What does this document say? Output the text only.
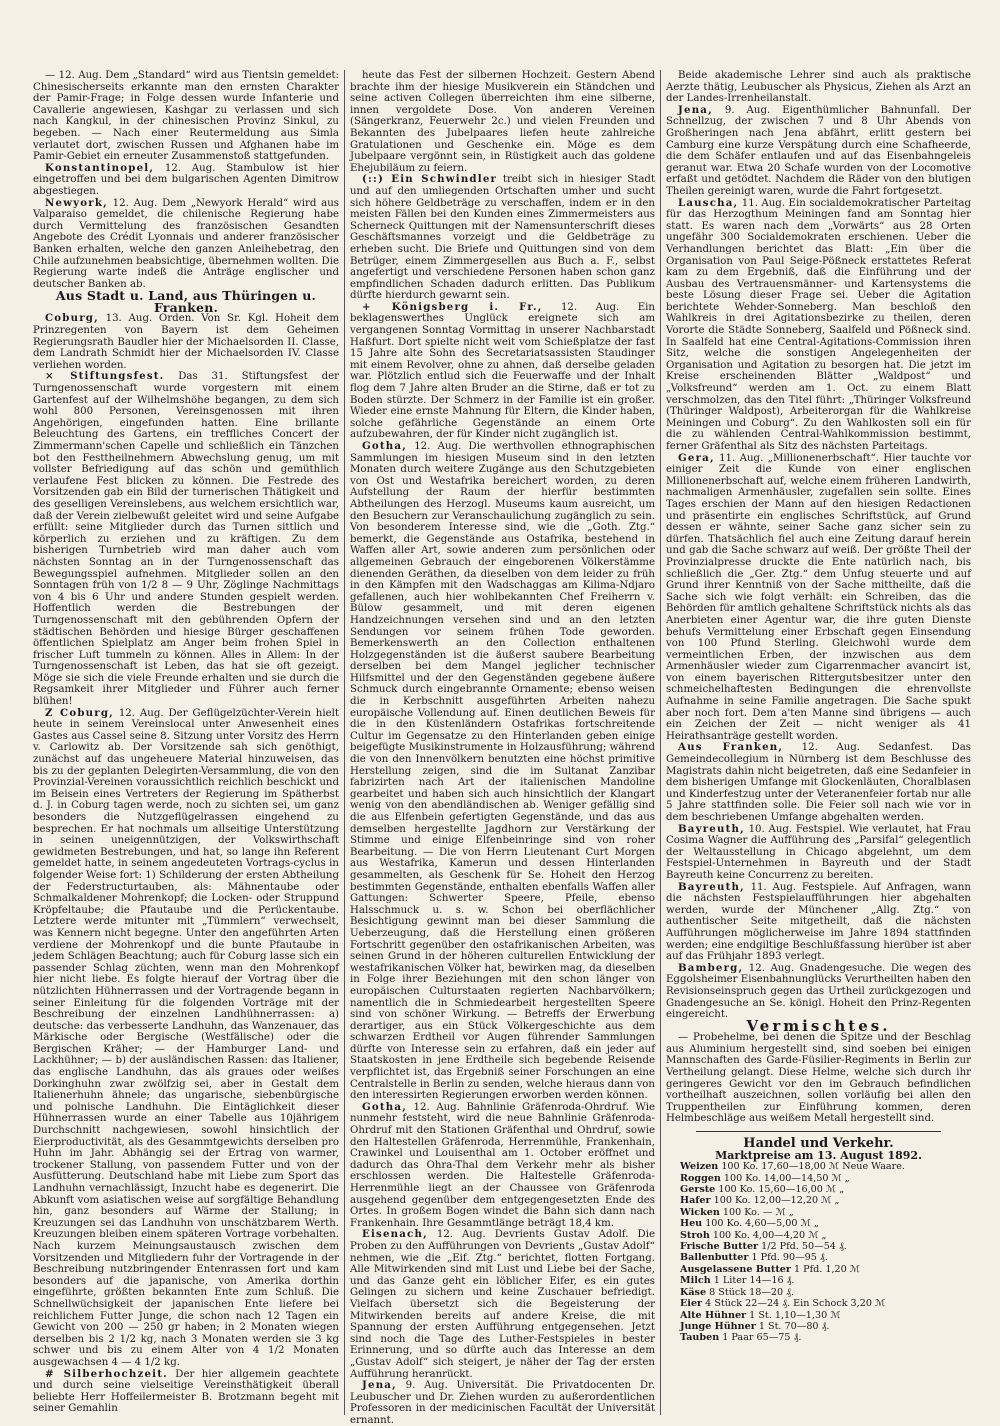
— 12. Aug. Dem „Standard“ wird aus Tientsin gemeldet: Chinesischerseits erkannte man den ernsten Charakter der Pamir-Frage; in Folge dessen wurde Infanterie und Cavallerie angewiesen, Kashgar zu verlassen und sich nach Kangkul, in der chinesischen Provinz Sinkul, zu begeben. — Nach einer Reutermeldung aus Simla verlautet dort, zwischen Russen und Afghanen habe im Pamir-Gebiet ein erneuter Zusammenstoß stattgefunden.

Konstantinopel, 12. Aug. Stambulow ist hier eingetroffen und bei dem bulgarischen Agenten Dimitrow abgestiegen.

Newyork, 12. Aug. Dem „Newyork Herald“ wird aus Valparaiso gemeldet, die chilenische Regierung habe durch Vermittelung des französischen Gesandten Angebote des Crédit Lyonnais und anderer französischer Banken erhalten, welche den ganzen Anleihebetrag, den Chile aufzunehmen beabsichtige, übernehmen wollten. Die Regierung warte indeß die Anträge englischer und deutscher Banken ab.

Aus Stadt u. Land, aus Thüringen u. Franken.

Coburg, 13. Aug. Orden. Von Sr. Kgl. Hoheit dem Prinzregenten von Bayern ist dem Geheimen Regierungsrath Baudler hier der Michaelsorden II. Classe, dem Landrath Schmidt hier der Michaelsorden IV. Classe verliehen worden.

× Stiftungsfest. Das 31. Stiftungsfest der Turngenossenschaft wurde vorgestern mit einem Gartenfest auf der Wilhelmshöhe begangen, zu dem sich wohl 800 Personen, Vereinsgenossen mit ihren Angehörigen, eingefunden hatten. Eine brillante Beleuchtung des Gartens, ein treffliches Concert der Zimmermann'schen Capelle und schließlich ein Tänzchen bot den Festtheilnehmern Abwechslung genug, um mit vollster Befriedigung auf das schön und gemüthlich verlaufene Fest blicken zu können. Die Festrede des Vorsitzenden gab ein Bild der turnerischen Thätigkeit und des geselligen Vereinslebens, aus welchem ersichtlich war, daß der Verein zielbewußt geleitet wird und seine Aufgabe erfüllt: seine Mitglieder durch das Turnen sittlich und körperlich zu erziehen und zu kräftigen. Zu dem bisherigen Turnbetrieb wird man daher auch vom nächsten Sonntag an in der Turngenossenschaft das Bewegungsspiel aufnehmen. Mitglieder sollen an den Sonntagen früh von 1/2 8 — 9 Uhr, Zöglinge Nachmittags von 4 bis 6 Uhr und andere Stunden gespielt werden. Hoffentlich werden die Bestrebungen der Turngenossenschaft mit den gebührenden Opfern der städtischen Behörden und hiesige Bürger geschaffenen öffentlichen Spielplatz am Anger beim frohen Spiel in frischer Luft tummeln zu können. Alles in Allem: In der Turngenossenschaft ist Leben, das hat sie oft gezeigt. Möge sie sich die viele Freunde erhalten und sie durch die Regsamkeit ihrer Mitglieder und Führer auch ferner blühen!

Z Coburg, 12. Aug. Der Geflügelzüchter-Verein hielt heute in seinem Vereinslocal unter Anwesenheit eines Gastes aus Cassel seine 8. Sitzung unter Vorsitz des Herrn v. Carlowitz ab. Der Vorsitzende sah sich genöthigt, zunächst auf das ungeheuere Material hinzuweisen, das bis zu der geplanten Delegirten-Versammlung, die von den Provinzial-Vereinen voraussichtlich reichlich beschickt und im Beisein eines Vertreters der Regierung im Spätherbst d. J. in Coburg tagen werde, noch zu sichten sei, um ganz besonders die Nutzgeflügelrassen eingehend zu besprechen. Er hat nochmals um allseitige Unterstützung in seinen uneigennützigen, der Volkswirthschaft gewidmeten Bestrebungen, und hat, so lange ihn Referent gemeldet hatte, in seinem angedeuteten Vortrags-cyclus in folgender Weise fort: 1) Schilderung der ersten Abtheilung der Federstructurtauben, als: Mähnentaube oder Schmalkaldener Mohrenkopf; die Locken- oder Struppund Kröpfeltaube; die Pfautaube und die Perückentaube. Letztere werde mitunter mit „Tümmlern“ verwechselt, was Kennern nicht begegne. Unter den angeführten Arten verdiene der Mohrenkopf und die bunte Pfautaube in jedem Schlägen Beachtung; auch für Coburg lasse sich ein passender Schlag züchten, wenn man den Mohrenkopf hier nicht liebe. Es folgte hierauf der Vortrag über die nützlichten Hühnerrassen und der Vortragende begann in seiner Einleitung für die folgenden Vorträge mit der Beschreibung der einzelnen Landhühnerrassen: a) deutsche: das verbesserte Landhuhn, das Wanzenauer, das Märkische oder Bergische (Westfälische) oder die Bergischen Kräher; — der Hamburger Land- und Lackhühner; — b) der ausländischen Rassen: das Italiener, das englische Landhuhn, das als graues oder weißes Dorkinghuhn zwar zwölfzig sei, aber in Gestalt dem Italienerhuhn ähnele; das ungarische, siebenbürgische und polnische Landhuhn. Die Eintäglichkeit dieser Hühnerrassen wurde an einer Tabelle aus 10jährigem Durchschnitt nachgewiesen, sowohl hinsichtlich der Eierproductivität, als des Gesammtgewichts derselben pro Huhn im Jahr. Abhängig sei der Ertrag von warmer, trockener Stallung, von passendem Futter und von der Ausfütterung. Deutschland habe mit Liebe zum Sport das Landhuhn vernachlässigt, Inzucht habe es degenerirt. Die Abkunft vom asiatischen weise auf sorgfältige Behandlung hin, ganz besonders auf Wärme der Stallung; in Kreuzungen sei das Landhuhn von unschätzbarem Werth. Kreuzungen bleiben einem späteren Vortrage vorbehalten. Nach kurzem Meinungsaustausch zwischen dem Vorsitzenden und Mitgliedern fuhr der Vortragende in der Beschreibung nutzbringender Entenrassen fort und kam besonders auf die japanische, von Amerika dorthin eingeführte, größten bekannten Ente zum Schluß. Die Schnellwüchsigkeit der japanischen Ente liefere bei reichlichem Futter Junge, die schon nach 12 Tagen ein Gewicht von 200 — 250 gr haben; in 2 Monaten wiegen derselben bis 2 1/2 kg, nach 3 Monaten werden sie 3 kg schwer und bis zu einem Alter von 4 1/2 Monaten ausgewachsen 4 — 4 1/2 kg.

# Silberhochzeit. Der hier allgemein geachtete und durch seine vielseitige Vereinsthätigkeit überall beliebte Herr Hoffeilermeister B. Brotzmann begeht mit seiner Gemahlin

heute das Fest der silbernen Hochzeit. Gestern Abend brachte ihm der hiesige Musikverein ein Ständchen und seine activen Collegen überreichten ihm eine silberne, innen vergoldete Dose. Von anderen Vereinen (Sängerkranz, Feuerwehr 2c.) und vielen Freunden und Bekannten des Jubelpaares liefen heute zahlreiche Gratulationen und Geschenke ein. Möge es dem Jubelpaare vergönnt sein, in Rüstigkeit auch das goldene Ehejubiläum zu feiern.

(::) Ein Schwindler treibt sich in hiesiger Stadt und auf den umliegenden Ortschaften umher und sucht sich höhere Geldbeträge zu verschaffen, indem er in den meisten Fällen bei den Kunden eines Zimmermeisters aus Scherneck Quittungen mit der Namensunterschrift dieses Geschäftsmannes vorzeigt und die Geldbeträge zu erheben sucht. Die Briefe und Quittungen sind von dem Betrüger, einem Zimmergesellen aus Buch a. F., selbst angefertigt und verschiedene Personen haben schon ganz empfindlichen Schaden dadurch erlitten. Das Publikum dürfte hierdurch gewarnt sein.

+ Königsberg i. Fr., 12. Aug. Ein beklagenswerthes Unglück ereignete sich am vergangenen Sonntag Vormittag in unserer Nachbarstadt Haßfurt. Dort spielte nicht weit vom Schießplatze der fast 15 Jahre alte Sohn des Secretariatsassisten Staudinger mit einem Revolver, ohne zu ahnen, daß derselbe geladen war. Plötzlich entlud sich die Feuerwaffe und der Inhalt flog dem 7 Jahre alten Bruder an die Stirne, daß er tot zu Boden stürzte. Der Schmerz in der Familie ist ein großer. Wieder eine ernste Mahnung für Eltern, die Kinder haben, solche gefährliche Gegenstände an einem Orte aufzubewahren, der für Kinder nicht zugänglich ist.

Gotha, 12. Aug. Die werthvollen ethnographischen Sammlungen im hiesigen Museum sind in den letzten Monaten durch weitere Zugänge aus den Schutzgebieten von Ost und Westafrika bereichert worden, zu deren Aufstellung der Raum der hierfür bestimmten Abtheilungen des Herzogl. Museums kaum ausreicht, um den Besuchern zur Veranschaulichung zugänglich zu sein. Von besonderem Interesse sind, wie die „Goth. Ztg.“ bemerkt, die Gegenstände aus Ostafrika, bestehend in Waffen aller Art, sowie anderen zum persönlichen oder allgemeinen Gebrauch der eingeborenen Völkerstämme dienenden Geräthen, da dieselben von dem leider zu früh in den Kämpfen mit den Wadschaggas am Kilima-Ndjaro gefallenen, auch hier wohlbekannten Chef Freiherrn v. Bülow gesammelt, und mit deren eigenen Handzeichnungen versehen sind und an den letzten Sendungen vor seinem frühen Tode geworden. Bemerkenswerth an den Collection enthaltenen Holzgegenständen ist die äußerst saubere Bearbeitung derselben bei dem Mangel jeglicher technischer Hilfsmittel und der den Gegenständen gegebene äußere Schmuck durch eingebrannte Ornamente; ebenso weisen die in Kerbschnitt ausgeführten Arbeiten nahezu europäische Vollendung auf. Einen deutlichen Beweis für die in den Küstenländern Ostafrikas fortschreitende Cultur im Gegensatze zu den Hinterlanden geben einige beigefügte Musikinstrumente in Holzausführung; während die von den Innenvölkern benutzten eine höchst primitive Herstellung zeigen, sind die im Sultanat Zanzibar fabrizirten nach Art der italienischen Mandoline gearbeitet und haben sich auch hinsichtlich der Klangart wenig von den abendländischen ab. Weniger gefällig sind die aus Elfenbein gefertigten Gegenstände, und das aus demselben hergestellte Jagdhorn zur Verstärkung der Stimme und einige Elfenbeinringe sind von roher Bearbeitung. — Die von Herrn Lieutenant Curt Morgen aus Westafrika, Kamerun und dessen Hinterlanden gesammelten, als Geschenk für Se. Hoheit den Herzog bestimmten Gegenstände, enthalten ebenfalls Waffen aller Gattungen: Schwerter Speere, Pfeile, ebenso Halsschmuck u. s. w. Schon bei oberflächlicher Besichtigung gewinnt man bei dieser Sammlung die Ueberzeugung, daß die Herstellung einen größeren Fortschritt gegenüber den ostafrikanischen Arbeiten, was seinen Grund in der höheren culturellen Entwicklung der westafrikanischen Völker hat, bewirken mag, da dieselben in Folge ihrer Beziehungen mit den schon länger von europäischen Culturstaaten regierten Nachbarvölkern; namentlich die in Schmiedearbeit hergestellten Speere sind von schöner Wirkung. — Betreffs der Erwerbung derartiger, aus ein Stück Völkergeschichte aus dem schwarzen Erdtheil vor Augen führender Sammlungen dürfte von Interesse sein zu erfahren, daß ein jeder auf Staatskosten in jene Erdtheile sich begebende Reisende verpflichtet ist, das Ergebniß seiner Forschungen an eine Centralstelle in Berlin zu senden, welche hieraus dann von den interessirten Regierungen erworben werden können.

Gotha, 12. Aug. Bahnlinie Gräfenroda-Ohrdruf. Wie nunmehr feststeht, wird die neue Bahnlinie Gräfenroda-Ohrdruf mit den Stationen Gräfenthal und Ohrdruf, sowie den Haltestellen Gräfenroda, Herrenmühle, Frankenhain, Crawinkel und Louisenthal am 1. October eröffnet und dadurch das Ohra-Thal dem Verkehr mehr als bisher erschlossen werden. Die Haltestelle Gräfenroda-Herrenmühle liegt an der Chaussee von Gräfenroda ausgehend gegenüber dem entgegengesetzten Ende des Ortes. In großem Bogen windet die Bahn sich dann nach Frankenhain. Ihre Gesammtlänge beträgt 18,4 km.

Eisenach, 12. Aug. Devrients Gustav Adolf. Die Proben zu den Aufführungen von Devrients „Gustav Adolf“ nehmen, wie die „Eif. Ztg.“ berichtet, flotten Fortgang. Alle Mitwirkenden sind mit Lust und Liebe bei der Sache, und das Ganze geht ein löblicher Eifer, es ein gutes Gelingen zu sichern und keine Zuschauer befriedigt. Vielfach übersetzt sich die Begeisterung der Mitwirkenden bereits auf andere Kreise, die mit Spannung der ersten Aufführung entgegensehen. Jetzt sind noch die Tage des Luther-Festspieles in bester Erinnerung, und so dürfte auch das Interesse an dem „Gustav Adolf“ sich steigert, je näher der Tag der ersten Aufführung heranrückt.

Jena, 9. Aug. Universität. Die Privatdocenten Dr. Leubuscher und Dr. Ziehen wurden zu außerordentlichen Professoren in der medicinischen Facultät der Universität ernannt.

Beide akademische Lehrer sind auch als praktische Aerzte thätig, Leubuscher als Physicus, Ziehen als Arzt an der Landes-Irrenheilanstalt.

Jena, 9. Aug. Eigenthümlicher Bahnunfall. Der Schnellzug, der zwischen 7 und 8 Uhr Abends von Großheringen nach Jena abfährt, erlitt gestern bei Camburg eine kurze Verspätung durch eine Schafheerde, die dem Schäfer entlaufen und auf das Eisenbahngeleis geranut war. Etwa 20 Schafe wurden von der Locomotive erfaßt und getödtet. Nachdem die Räder von den blutigen Theilen gereinigt waren, wurde die Fahrt fortgesetzt.

Lauscha, 11. Aug. Ein socialdemokratischer Parteitag für das Herzogthum Meiningen fand am Sonntag hier statt. Es waren nach dem „Vorwärts“ aus 28 Orten ungefähr 300 Socialdemokraten erschienen. Ueber die Verhandlungen berichtet das Blatt: „Ein über die Organisation von Paul Seige-Pößneck erstattetes Referat kam zu dem Ergebniß, daß die Einführung und der Ausbau des Vertrauensmänner- und Kartensystems die beste Lösung dieser Frage sei. Ueber die Agitation berichtete Wehder-Sonneberg. Man beschloß den Wahlkreis in drei Agitationsbezirke zu theilen, deren Vororte die Städte Sonneberg, Saalfeld und Pößneck sind. In Saalfeld hat eine Central-Agitations-Commission ihren Sitz, welche die sonstigen Angelegenheiten der Organisation und Agitation zu besorgen hat. Die jetzt im Kreise erscheinenden Blätter „Waldpost“ und „Volksfreund“ werden am 1. Oct. zu einem Blatt verschmolzen, das den Titel führt: „Thüringer Volksfreund (Thüringer Waldpost), Arbeiterorgan für die Wahlkreise Meiningen und Coburg“. Zu den Wahlkosten soll ein für die zu wählenden Central-Wahlkommission bestimmt, ferner Gräfenthal als Sitz des nächsten Parteitags.

Gera, 11. Aug. „Millionenerbschaft“. Hier tauchte vor einiger Zeit die Kunde von einer englischen Millionenerbschaft auf, welche einem früheren Landwirth, nachmaligen Armenhäusler, zugefallen sein sollte. Eines Tages erschien der Mann auf den hiesigen Redactionen und präsentirte ein englisches Schriftstück, auf Grund dessen er wähnte, seiner Sache ganz sicher sein zu dürfen. Thatsächlich fiel auch eine Zeitung darauf herein und gab die Sache schwarz auf weiß. Der größte Theil der Provinzialpresse druckte die Ente natürlich nach, bis schließlich die „Ger. Ztg.“ dem Unfug steuerte und auf Grund ihrer Kenntniß von der Sache mittheilte, daß die Sache sich wie folgt verhält: ein Schreiben, das die Behörden für amtlich gehaltene Schriftstück nichts als das Anerbieten einer Agentur war, die ihre guten Dienste behufs Vermittelung einer Erbschaft gegen Einsendung von 100 Pfund Sterling. Gleichwohl wurde dem vermeintlichen Erben, der inzwischen aus dem Armenhäusler wieder zum Cigarrenmacher avancirt ist, von einem bayerischen Rittergutsbesitzer unter den schmeichelhaftesten Bedingungen die ehrenvollste Aufnahme in seine Familie angetragen. Die Sache spukt aber noch fort. Dem a'ten Manne sind übrigens — auch ein Zeichen der Zeit — nicht weniger als 41 Heirathsanträge gestellt worden.

Aus Franken, 12. Aug. Sedanfest. Das Gemeindecollegium in Nürnberg ist dem Beschlusse des Magistrats dahin nicht beigetreten, daß eine Sedanfeier in dem bisherigen Umfange mit Glockenläuten, Choralblasen und Kinderfestzug unter der Veteranenfeier fortab nur alle 5 Jahre stattfinden solle. Die Feier soll nach wie vor in dem beschriebenen Umfange abgehalten werden.

Bayreuth, 10. Aug. Festspiel. Wie verlautet, hat Frau Cosima Wagner die Aufführung des „Parsifal“ gelegentlich der Weltausstellung in Chicago abgelehnt, um dem Festspiel-Unternehmen in Bayreuth und der Stadt Bayreuth keine Concurrenz zu bereiten.

Bayreuth, 11. Aug. Festspiele. Auf Anfragen, wann die nächsten Festspielaufführungen hier abgehalten werden, wurde der Münchener „Allg. Ztg.“ von authentischer Seite mitgetheilt, daß die nächsten Aufführungen möglicherweise im Jahre 1894 stattfinden werden; eine endgiltige Beschlußfassung hierüber ist aber auf das Frühjahr 1893 verlegt.

Bamberg, 12. Aug. Gnadengesuche. Die wegen des Eggolsheimer Eisenbahnunglücks Verurtheilten haben den Revisionseinspruch gegen das Urtheil zurückgezogen und Gnadengesuche an Se. königl. Hoheit den Prinz-Regenten eingereicht.

Vermischtes.

— Probehelme, bei denen die Spitze und der Beschlag aus Aluminium hergestellt sind, sind soeben bei einigen Mannschaften des Garde-Füsilier-Regiments in Berlin zur Vertheilung gelangt. Diese Helme, welche sich durch ihr geringeres Gewicht vor den im Gebrauch befindlichen vortheilhaft auszeichnen, sollen vorläufig bei allen den Truppentheilen zur Einführung kommen, deren Helmbeschläge aus weißem Metall hergestellt sind.

Handel und Verkehr.

Marktpreise am 13. August 1892.

Weizen 100 Ko. 17,60—18,00 ℳ Neue Waare.
Roggen 100 Ko. 14,00—14,50 ℳ „
Gerste 100 Ko. 15,60—16,00 ℳ „
Hafer 100 Ko. 12,00—12,20 ℳ „
Wicken 100 Ko. — ℳ „
Heu 100 Ko. 4,60—5,00 ℳ „
Stroh 100 Ko. 4,00—4,20 ℳ „
Frische Butter 1/2 Pfd. 50—54 ₰.
Ballenbutter 1 Pfd. 90—95 ₰.
Ausgelassene Butter 1 Pfd. 1,20 ℳ
Milch 1 Liter 14—16 ₰.
Käse 8 Stück 18—20 ₰.
Eier 4 Stück 22—24 ₰. Ein Schock 3,20 ℳ
Alte Hühner 1 St. 1,10—1,30 ℳ
Junge Hühner 1 St. 70—80 ₰.
Tauben 1 Paar 65—75 ₰.
